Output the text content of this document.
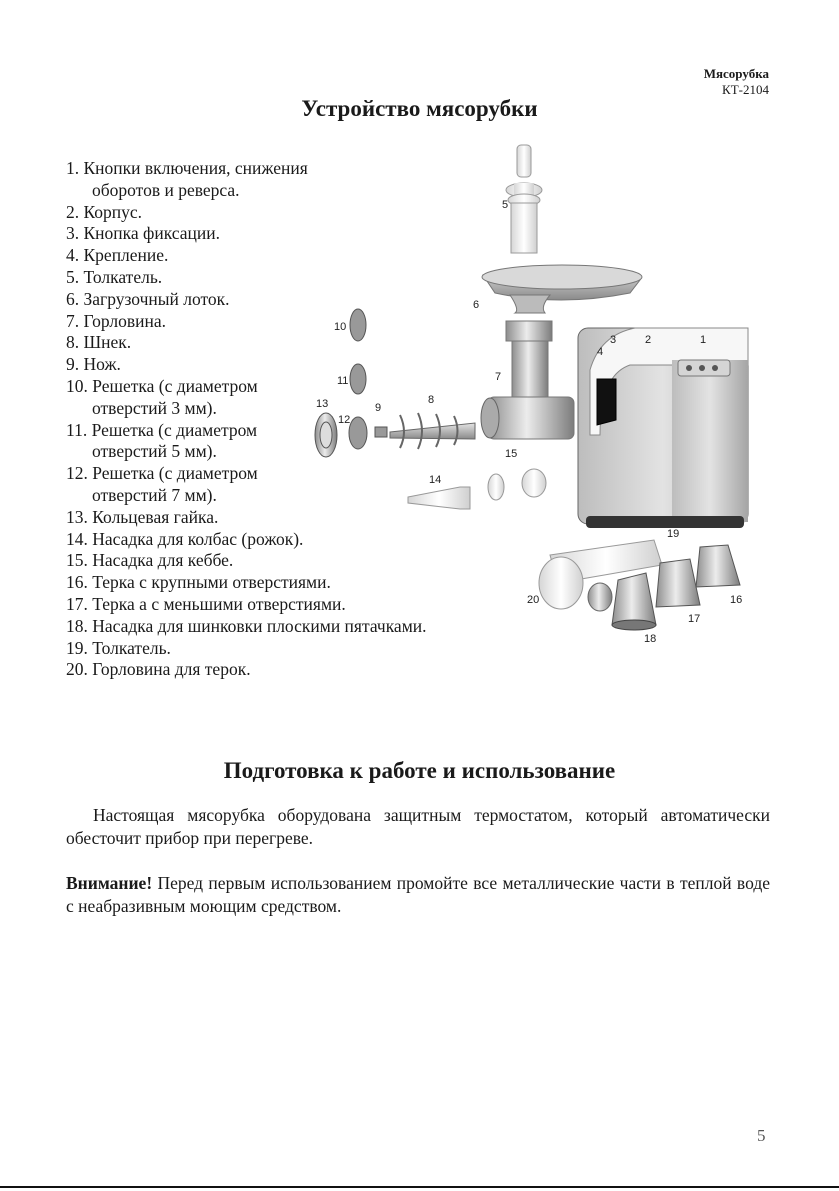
Мясорубка
КТ-2104
Устройство мясорубки
1. Кнопки включения, снижения
оборотов и реверса.
2. Корпус.
3. Кнопка фиксации.
4. Крепление.
5. Толкатель.
6. Загрузочный лоток.
7. Горловина.
8. Шнек.
9. Нож.
10. Решетка (с диаметром
отверстий 3 мм).
11. Решетка (с диаметром
отверстий 5 мм).
12. Решетка (с диаметром
отверстий 7 мм).
13. Кольцевая гайка.
14. Насадка для колбас (рожок).
15. Насадка для кеббе.
16. Терка с крупными отверстиями.
17. Терка а с меньшими отверстиями.
18. Насадка для шинковки плоскими пятачками.
19. Толкатель.
20. Горловина для терок.
1
2
3
4
5
6
7
8
9
10
11
12
13
14
15
16
17
18
19
20
Подготовка к работе и использование

Настоящая мясорубка оборудована защитным термостатом, который автоматически обесточит прибор при перегреве.

Внимание! Перед первым использованием промойте все металлические части в теплой воде с неабразивным моющим средством.

5
